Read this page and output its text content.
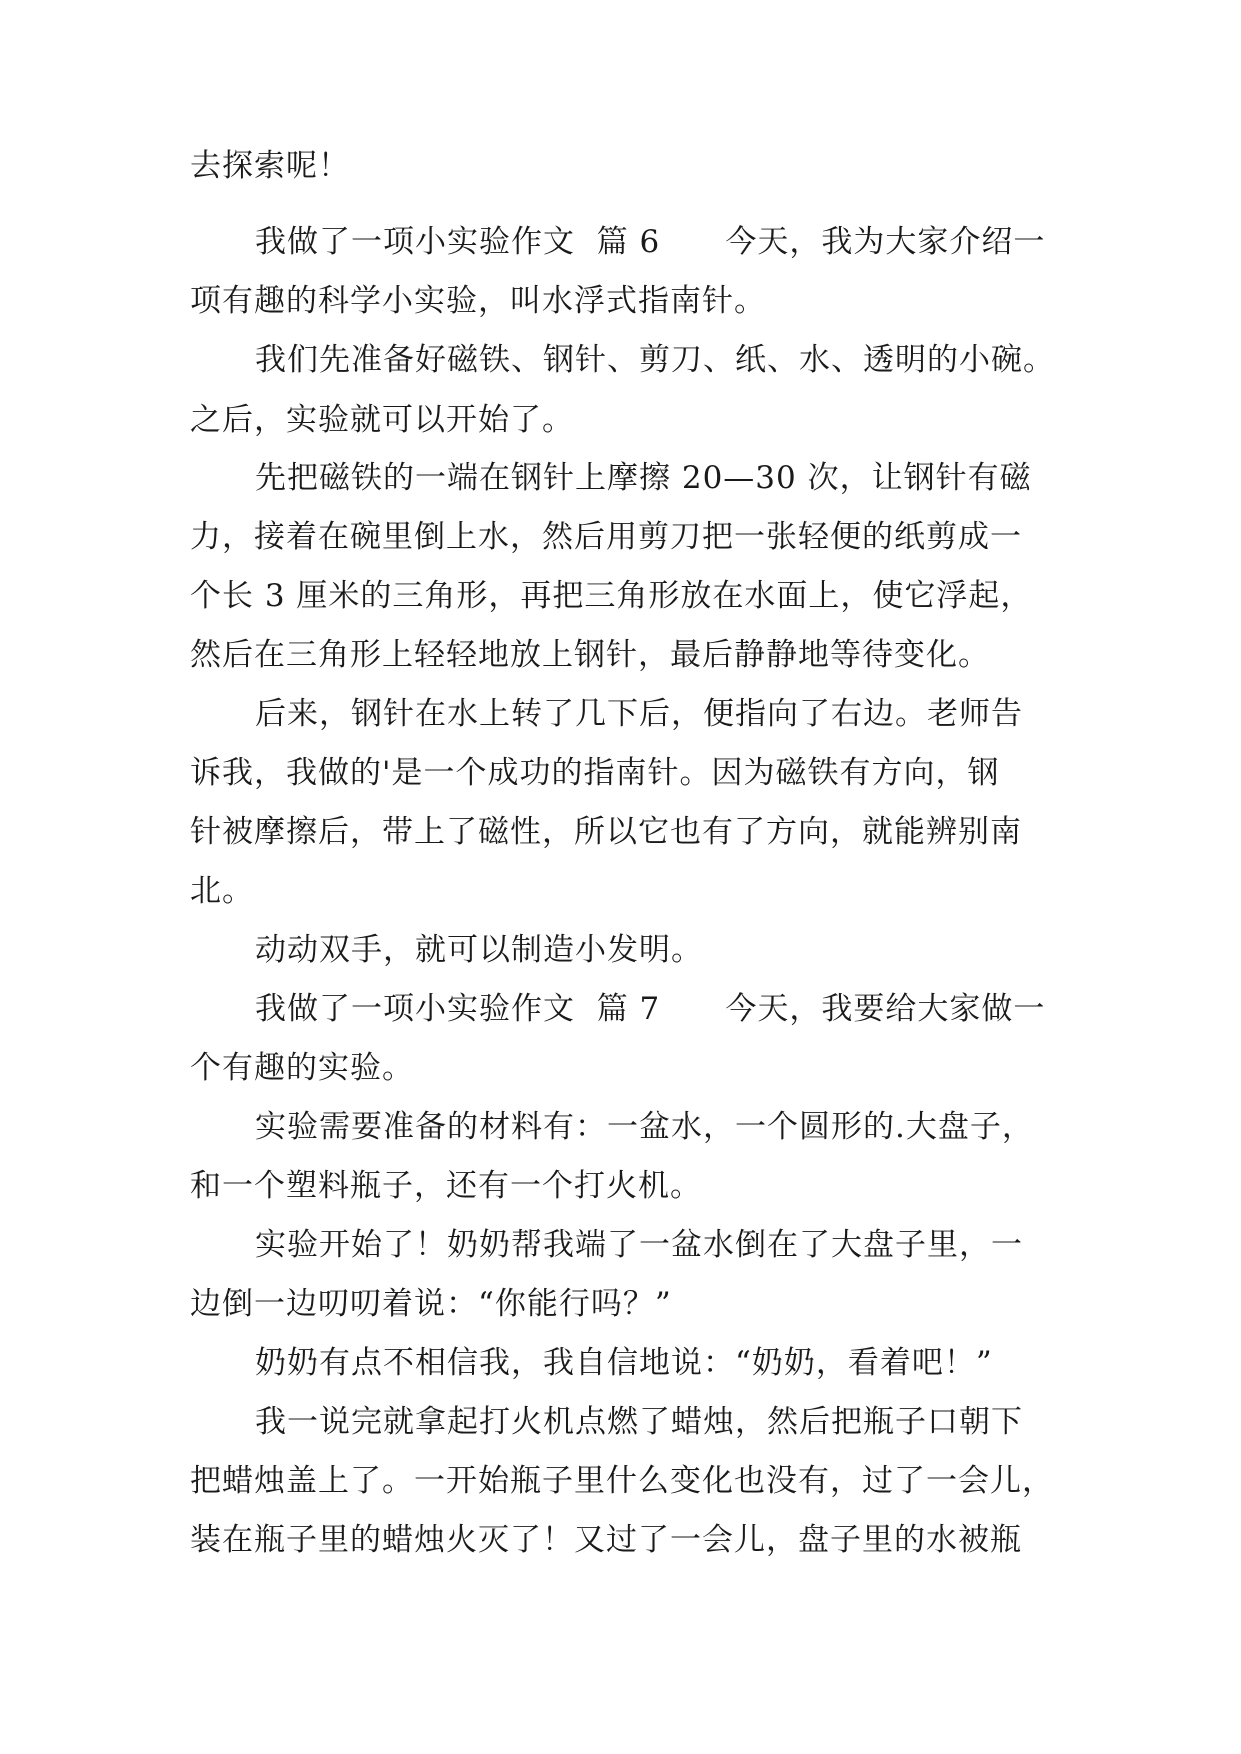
去探索呢！
我做了一项小实验作文  篇 6      今天，我为大家介绍一
项有趣的科学小实验，叫水浮式指南针。
我们先准备好磁铁、钢针、剪刀、纸、水、透明的小碗。
之后，实验就可以开始了。
先把磁铁的一端在钢针上摩擦 20—30 次，让钢针有磁
力，接着在碗里倒上水，然后用剪刀把一张轻便的纸剪成一
个长 3 厘米的三角形，再把三角形放在水面上，使它浮起，
然后在三角形上轻轻地放上钢针，最后静静地等待变化。
后来，钢针在水上转了几下后，便指向了右边。老师告
诉我，我做的'是一个成功的指南针。因为磁铁有方向，钢
针被摩擦后，带上了磁性，所以它也有了方向，就能辨别南
北。
动动双手，就可以制造小发明。
我做了一项小实验作文  篇 7      今天，我要给大家做一
个有趣的实验。
实验需要准备的材料有：一盆水，一个圆形的.大盘子，
和一个塑料瓶子，还有一个打火机。
实验开始了！奶奶帮我端了一盆水倒在了大盘子里，一
边倒一边叨叨着说：“你能行吗？”
奶奶有点不相信我，我自信地说：“奶奶，看着吧！”
我一说完就拿起打火机点燃了蜡烛，然后把瓶子口朝下
把蜡烛盖上了。一开始瓶子里什么变化也没有，过了一会儿，
装在瓶子里的蜡烛火灭了！又过了一会儿，盘子里的水被瓶
